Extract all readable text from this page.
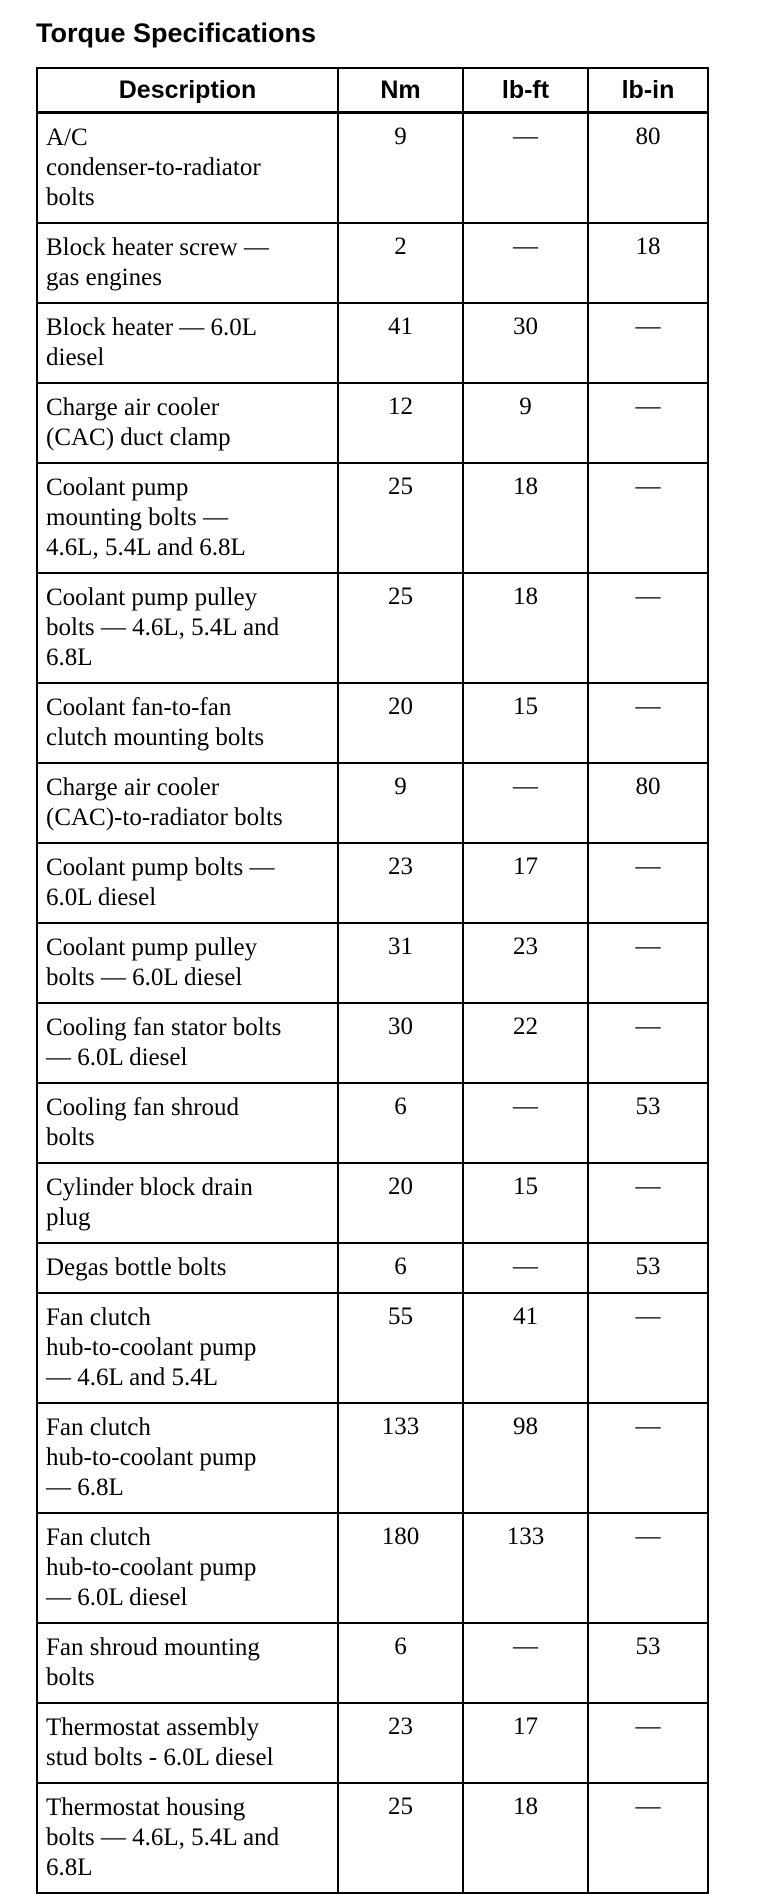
Torque Specifications
Description	Nm	lb-ft	lb-in
A/C
condenser-to-radiator
bolts	9	—	80
Block heater screw —
gas engines	2	—	18
Block heater — 6.0L
diesel	41	30	—
Charge air cooler
(CAC) duct clamp	12	9	—
Coolant pump
mounting bolts —
4.6L, 5.4L and 6.8L	25	18	—
Coolant pump pulley
bolts — 4.6L, 5.4L and
6.8L	25	18	—
Coolant fan-to-fan
clutch mounting bolts	20	15	—
Charge air cooler
(CAC)-to-radiator bolts	9	—	80
Coolant pump bolts —
6.0L diesel	23	17	—
Coolant pump pulley
bolts — 6.0L diesel	31	23	—
Cooling fan stator bolts
— 6.0L diesel	30	22	—
Cooling fan shroud
bolts	6	—	53
Cylinder block drain
plug	20	15	—
Degas bottle bolts	6	—	53
Fan clutch
hub-to-coolant pump
— 4.6L and 5.4L	55	41	—
Fan clutch
hub-to-coolant pump
— 6.8L	133	98	—
Fan clutch
hub-to-coolant pump
— 6.0L diesel	180	133	—
Fan shroud mounting
bolts	6	—	53
Thermostat assembly
stud bolts - 6.0L diesel	23	17	—
Thermostat housing
bolts — 4.6L, 5.4L and
6.8L	25	18	—
